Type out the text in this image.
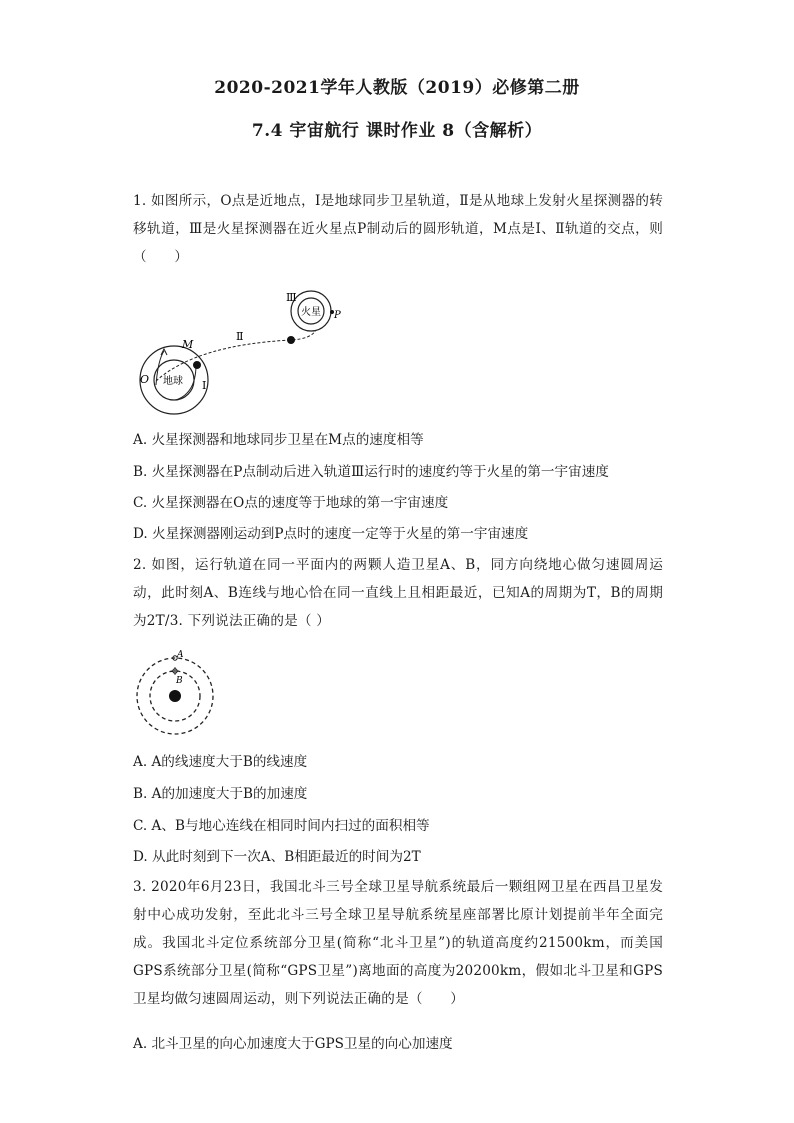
2020-2021学年人教版（2019）必修第二册
7.4 宇宙航行 课时作业 8（含解析）
1. 如图所示，O点是近地点，Ⅰ是地球同步卫星轨道，Ⅱ是从地球上发射火星探测器的转移轨道，Ⅲ是火星探测器在近火星点P制动后的圆形轨道，M点是Ⅰ、Ⅱ轨道的交点，则（　　）
Ⅲ
火星 P
Ⅱ
M
O 地球 Ⅰ
A. 火星探测器和地球同步卫星在M点的速度相等
B. 火星探测器在P点制动后进入轨道Ⅲ运行时的速度约等于火星的第一宇宙速度
C. 火星探测器在O点的速度等于地球的第一宇宙速度
D. 火星探测器刚运动到P点时的速度一定等于火星的第一宇宙速度
2. 如图，运行轨道在同一平面内的两颗人造卫星A、B，同方向绕地心做匀速圆周运动，此时刻A、B连线与地心恰在同一直线上且相距最近，已知A的周期为T，B的周期为2T/3. 下列说法正确的是（ ）
A
B
A. A的线速度大于B的线速度
B. A的加速度大于B的加速度
C. A、B与地心连线在相同时间内扫过的面积相等
D. 从此时刻到下一次A、B相距最近的时间为2T
3. 2020年6月23日，我国北斗三号全球卫星导航系统最后一颗组网卫星在西昌卫星发射中心成功发射，至此北斗三号全球卫星导航系统星座部署比原计划提前半年全面完成。我国北斗定位系统部分卫星(简称“北斗卫星”)的轨道高度约21500km，而美国GPS系统部分卫星(简称“GPS卫星”)离地面的高度为20200km，假如北斗卫星和GPS卫星均做匀速圆周运动，则下列说法正确的是（　　）
A. 北斗卫星的向心加速度大于GPS卫星的向心加速度
